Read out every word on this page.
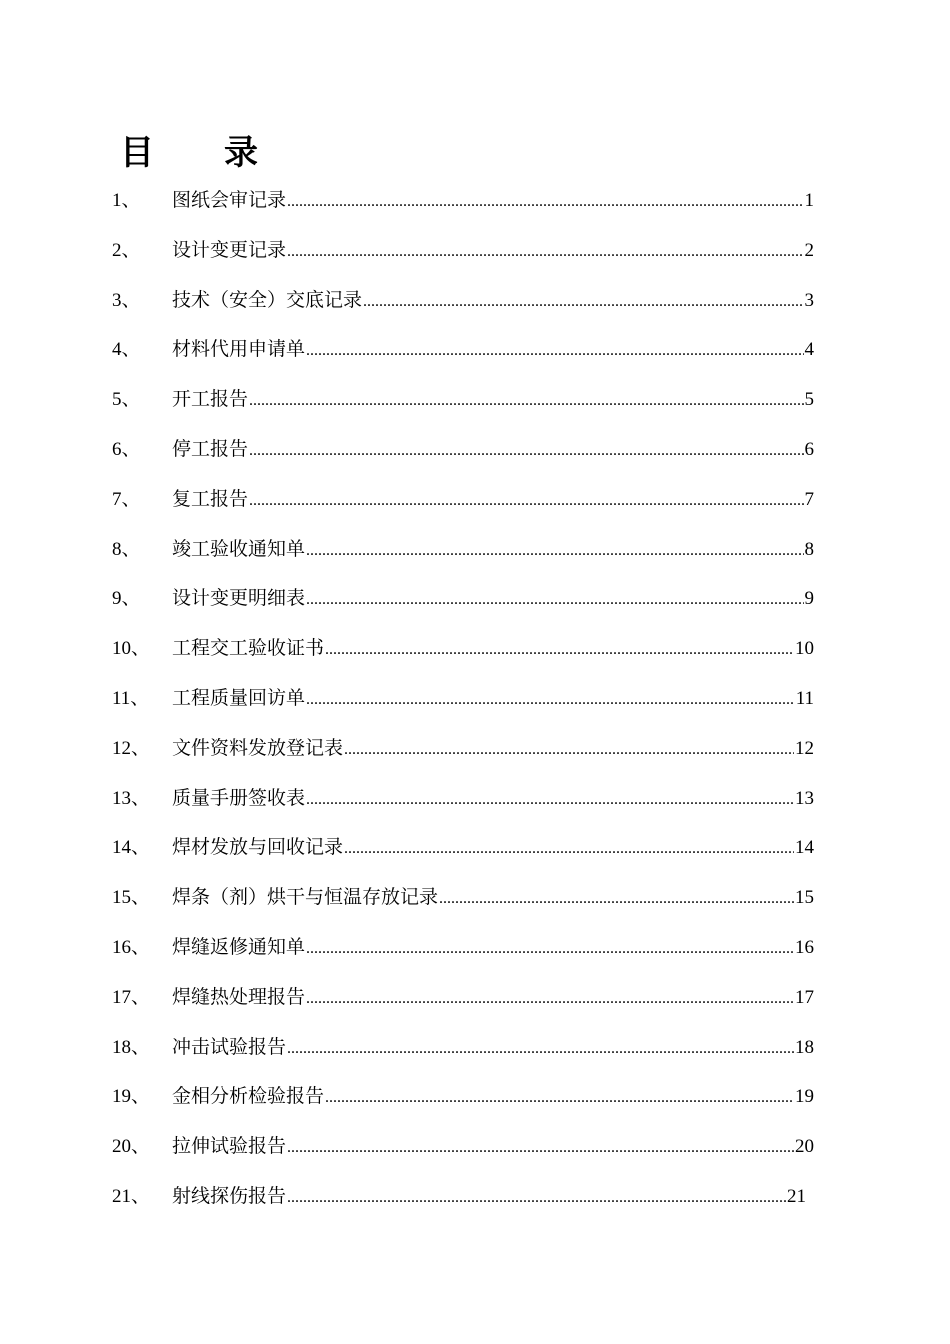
目 录
1、	图纸会审记录 .....	1
2、	设计变更记录 .....	2
3、	技术（安全）交底记录 .....	3
4、	材料代用申请单 .....	4
5、	开工报告 .....	5
6、	停工报告 .....	6
7、	复工报告 .....	7
8、	竣工验收通知单 .....	8
9、	设计变更明细表 .....	9
10、	工程交工验收证书 .....	10
11、	工程质量回访单 .....	11
12、	文件资料发放登记表 .....	12
13、	质量手册签收表 .....	13
14、	焊材发放与回收记录 .....	14
15、	焊条（剂）烘干与恒温存放记录 .....	15
16、	焊缝返修通知单 .....	16
17、	焊缝热处理报告 .....	17
18、	冲击试验报告 .....	18
19、	金相分析检验报告 .....	19
20、	拉伸试验报告 .....	20
21、	射线探伤报告 .....	21
